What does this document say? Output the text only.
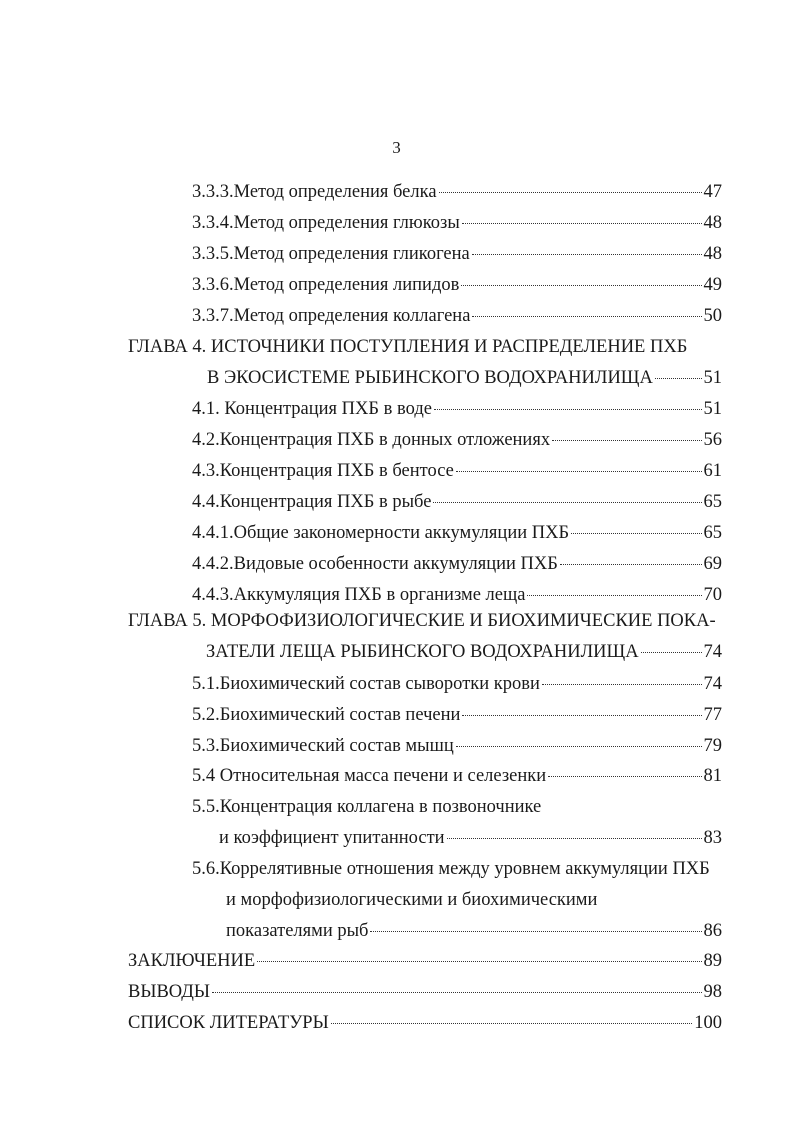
3
3.3.3.Метод определения белка	47
3.3.4.Метод определения глюкозы	48
3.3.5.Метод определения гликогена	48
3.3.6.Метод определения липидов	49
3.3.7.Метод определения коллагена	50
ГЛАВА 4. ИСТОЧНИКИ ПОСТУПЛЕНИЯ И РАСПРЕДЕЛЕНИЕ ПХБ
В ЭКОСИСТЕМЕ РЫБИНСКОГО ВОДОХРАНИЛИЩА	51
4.1. Концентрация ПХБ в воде	51
4.2.Концентрация ПХБ в донных отложениях	56
4.3.Концентрация ПХБ в бентосе	61
4.4.Концентрация ПХБ в рыбе	65
4.4.1.Общие закономерности аккумуляции ПХБ	65
4.4.2.Видовые особенности аккумуляции ПХБ	69
4.4.3.Аккумуляция ПХБ в организме леща	70
ГЛАВА 5. МОРФОФИЗИОЛОГИЧЕСКИЕ И БИОХИМИЧЕСКИЕ ПОКА-
ЗАТЕЛИ ЛЕЩА РЫБИНСКОГО ВОДОХРАНИЛИЩА	74
5.1.Биохимический состав сыворотки крови	74
5.2.Биохимический состав печени	77
5.3.Биохимический состав мышц	79
5.4 Относительная масса печени и селезенки	81
5.5.Концентрация коллагена в позвоночнике
и коэффициент упитанности	83
5.6.Коррелятивные отношения между уровнем аккумуляции ПХБ
и морфофизиологическими и биохимическими
показателями рыб	86
ЗАКЛЮЧЕНИЕ	89
ВЫВОДЫ	98
СПИСОК ЛИТЕРАТУРЫ	100
